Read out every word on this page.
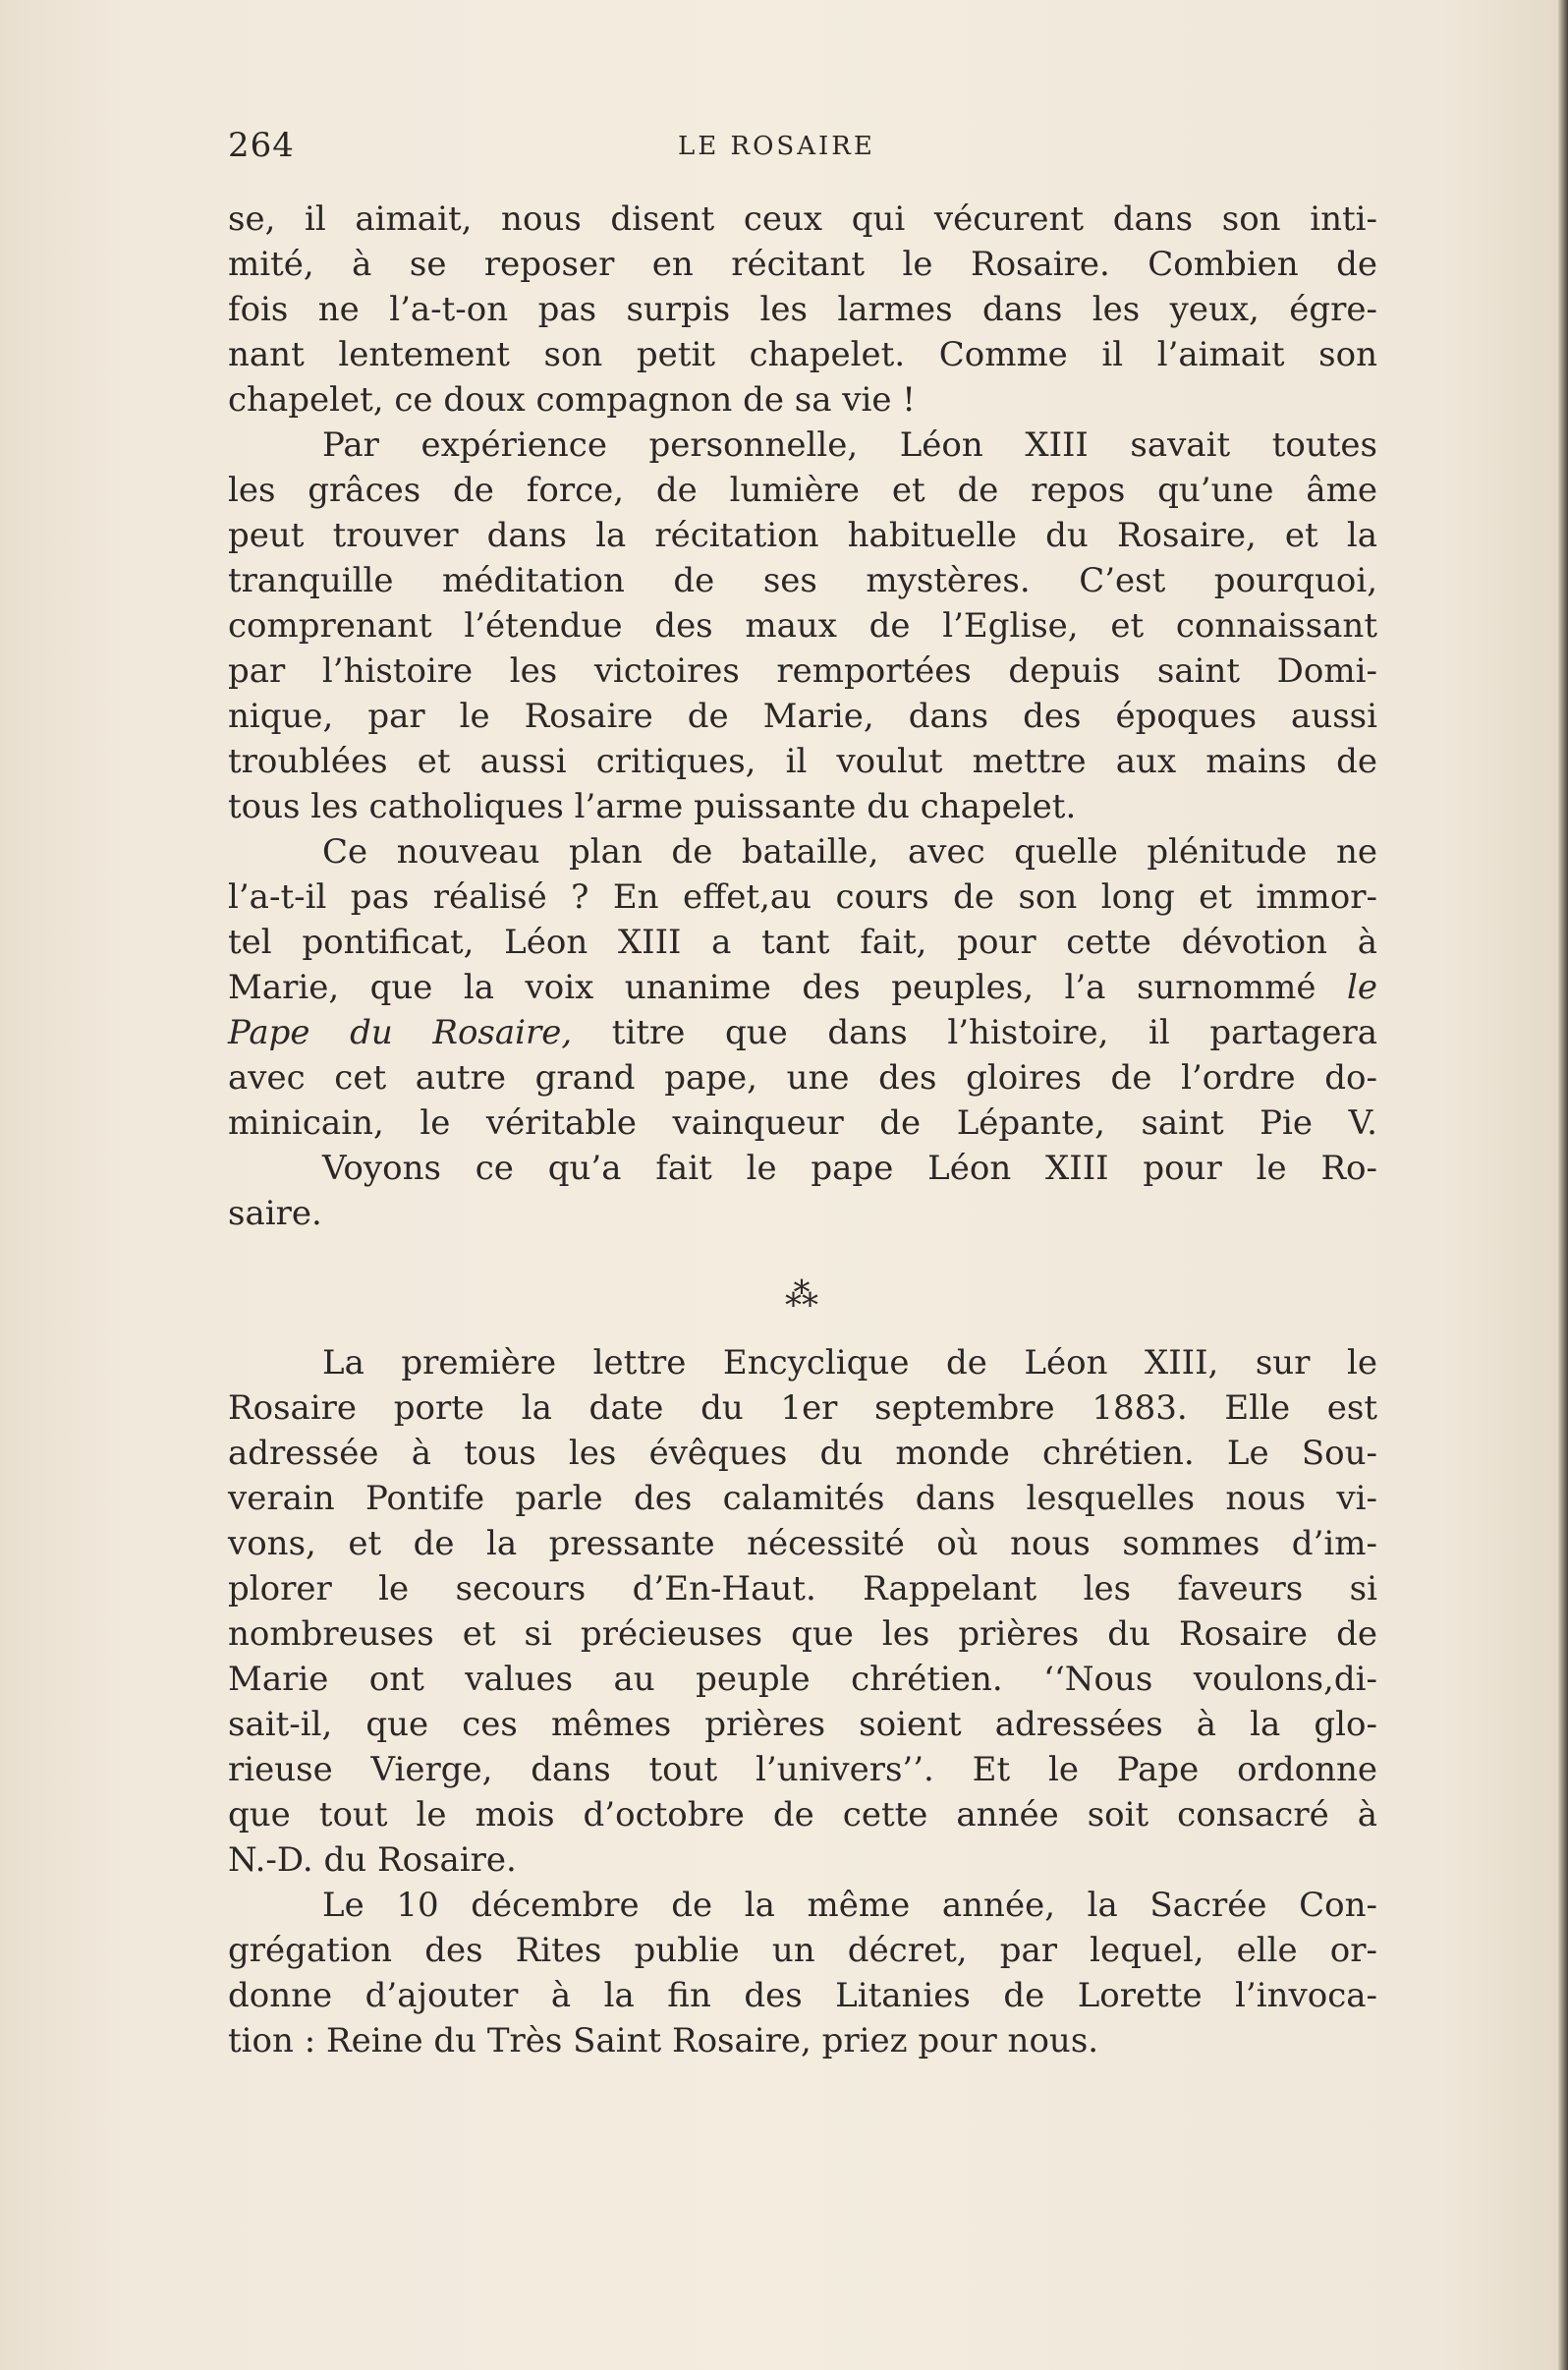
264	LE ROSAIRE
se, il aimait, nous disent ceux qui vécurent dans son inti-
mité, à se reposer en récitant le Rosaire. Combien de
fois ne l’a-t-on pas surpis les larmes dans les yeux, égre-
nant lentement son petit chapelet. Comme il l’aimait son
chapelet, ce doux compagnon de sa vie !
Par expérience personnelle, Léon XIII savait toutes
les grâces de force, de lumière et de repos qu’une âme
peut trouver dans la récitation habituelle du Rosaire, et la
tranquille méditation de ses mystères. C’est pourquoi,
comprenant l’étendue des maux de l’Eglise, et connaissant
par l’histoire les victoires remportées depuis saint Domi-
nique, par le Rosaire de Marie, dans des époques aussi
troublées et aussi critiques, il voulut mettre aux mains de
tous les catholiques l’arme puissante du chapelet.
Ce nouveau plan de bataille, avec quelle plénitude ne
l’a-t-il pas réalisé ? En effet,au cours de son long et immor-
tel pontificat, Léon XIII a tant fait, pour cette dévotion à
Marie, que la voix unanime des peuples, l’a surnommé le
Pape du Rosaire, titre que dans l’histoire, il partagera
avec cet autre grand pape, une des gloires de l’ordre do-
minicain, le véritable vainqueur de Lépante, saint Pie V.
Voyons ce qu’a fait le pape Léon XIII pour le Ro-
saire.
⁂
La première lettre Encyclique de Léon XIII, sur le
Rosaire porte la date du 1er septembre 1883. Elle est
adressée à tous les évêques du monde chrétien. Le Sou-
verain Pontife parle des calamités dans lesquelles nous vi-
vons, et de la pressante nécessité où nous sommes d’im-
plorer le secours d’En-Haut. Rappelant les faveurs si
nombreuses et si précieuses que les prières du Rosaire de
Marie ont values au peuple chrétien. ‘‘Nous voulons,di-
sait-il, que ces mêmes prières soient adressées à la glo-
rieuse Vierge, dans tout l’univers’’. Et le Pape ordonne
que tout le mois d’octobre de cette année soit consacré à
N.-D. du Rosaire.
Le 10 décembre de la même année, la Sacrée Con-
grégation des Rites publie un décret, par lequel, elle or-
donne d’ajouter à la fin des Litanies de Lorette l’invoca-
tion : Reine du Très Saint Rosaire, priez pour nous.
